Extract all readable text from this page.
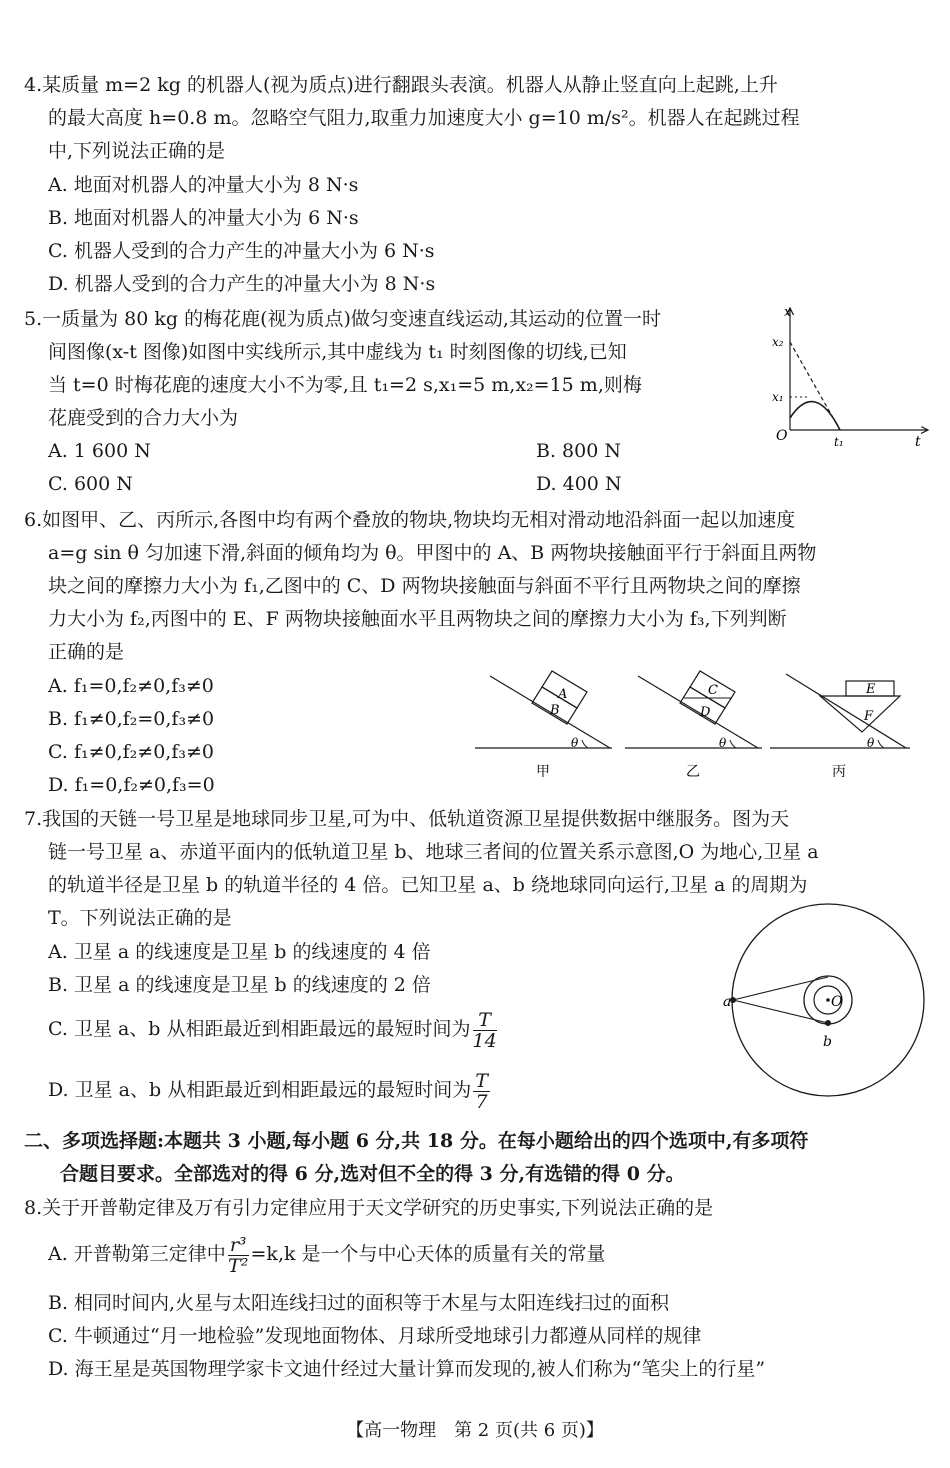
4.某质量 m=2 kg 的机器人(视为质点)进行翻跟头表演。机器人从静止竖直向上起跳,上升
的最大高度 h=0.8 m。忽略空气阻力,取重力加速度大小 g=10 m/s²。机器人在起跳过程
中,下列说法正确的是
A. 地面对机器人的冲量大小为 8 N·s
B. 地面对机器人的冲量大小为 6 N·s
C. 机器人受到的合力产生的冲量大小为 6 N·s
D. 机器人受到的合力产生的冲量大小为 8 N·s
5.一质量为 80 kg 的梅花鹿(视为质点)做匀变速直线运动,其运动的位置一时
间图像(x-t 图像)如图中实线所示,其中虚线为 t₁ 时刻图像的切线,已知
当 t=0 时梅花鹿的速度大小不为零,且 t₁=2 s,x₁=5 m,x₂=15 m,则梅
花鹿受到的合力大小为
A. 1 600 N	B. 800 N
C. 600 N	D. 400 N
x
t
O
x₂
x₁
t₁
6.如图甲、乙、丙所示,各图中均有两个叠放的物块,物块均无相对滑动地沿斜面一起以加速度
a=g sin θ 匀加速下滑,斜面的倾角均为 θ。甲图中的 A、B 两物块接触面平行于斜面且两物
块之间的摩擦力大小为 f₁,乙图中的 C、D 两物块接触面与斜面不平行且两物块之间的摩擦
力大小为 f₂,丙图中的 E、F 两物块接触面水平且两物块之间的摩擦力大小为 f₃,下列判断
正确的是
A. f₁=0,f₂≠0,f₃≠0
B. f₁≠0,f₂=0,f₃≠0
C. f₁≠0,f₂≠0,f₃≠0
D. f₁=0,f₂≠0,f₃=0
A
B
θ
甲
C
D
θ
乙
E
F
θ
丙
7.我国的天链一号卫星是地球同步卫星,可为中、低轨道资源卫星提供数据中继服务。图为天
链一号卫星 a、赤道平面内的低轨道卫星 b、地球三者间的位置关系示意图,O 为地心,卫星 a
的轨道半径是卫星 b 的轨道半径的 4 倍。已知卫星 a、b 绕地球同向运行,卫星 a 的周期为
T。下列说法正确的是
A. 卫星 a 的线速度是卫星 b 的线速度的 4 倍
B. 卫星 a 的线速度是卫星 b 的线速度的 2 倍
C. 卫星 a、b 从相距最近到相距最远的最短时间为 $\frac{T}{14}$
D. 卫星 a、b 从相距最近到相距最远的最短时间为 $\frac{T}{7}$
a
b
O
二、多项选择题:本题共 3 小题,每小题 6 分,共 18 分。在每小题给出的四个选项中,有多项符
合题目要求。全部选对的得 6 分,选对但不全的得 3 分,有选错的得 0 分。
8.关于开普勒定律及万有引力定律应用于天文学研究的历史事实,下列说法正确的是
A. 开普勒第三定律中 $\frac{\text{r³}}{\text{T²}} =k,k$ 是一个与中心天体的质量有关的常量
B. 相同时间内,火星与太阳连线扫过的面积等于木星与太阳连线扫过的面积
C. 牛顿通过“月一地检验”发现地面物体、月球所受地球引力都遵从同样的规律
D. 海王星是英国物理学家卡文迪什经过大量计算而发现的,被人们称为“笔尖上的行星”
【高一物理　第 2 页(共 6 页)】
